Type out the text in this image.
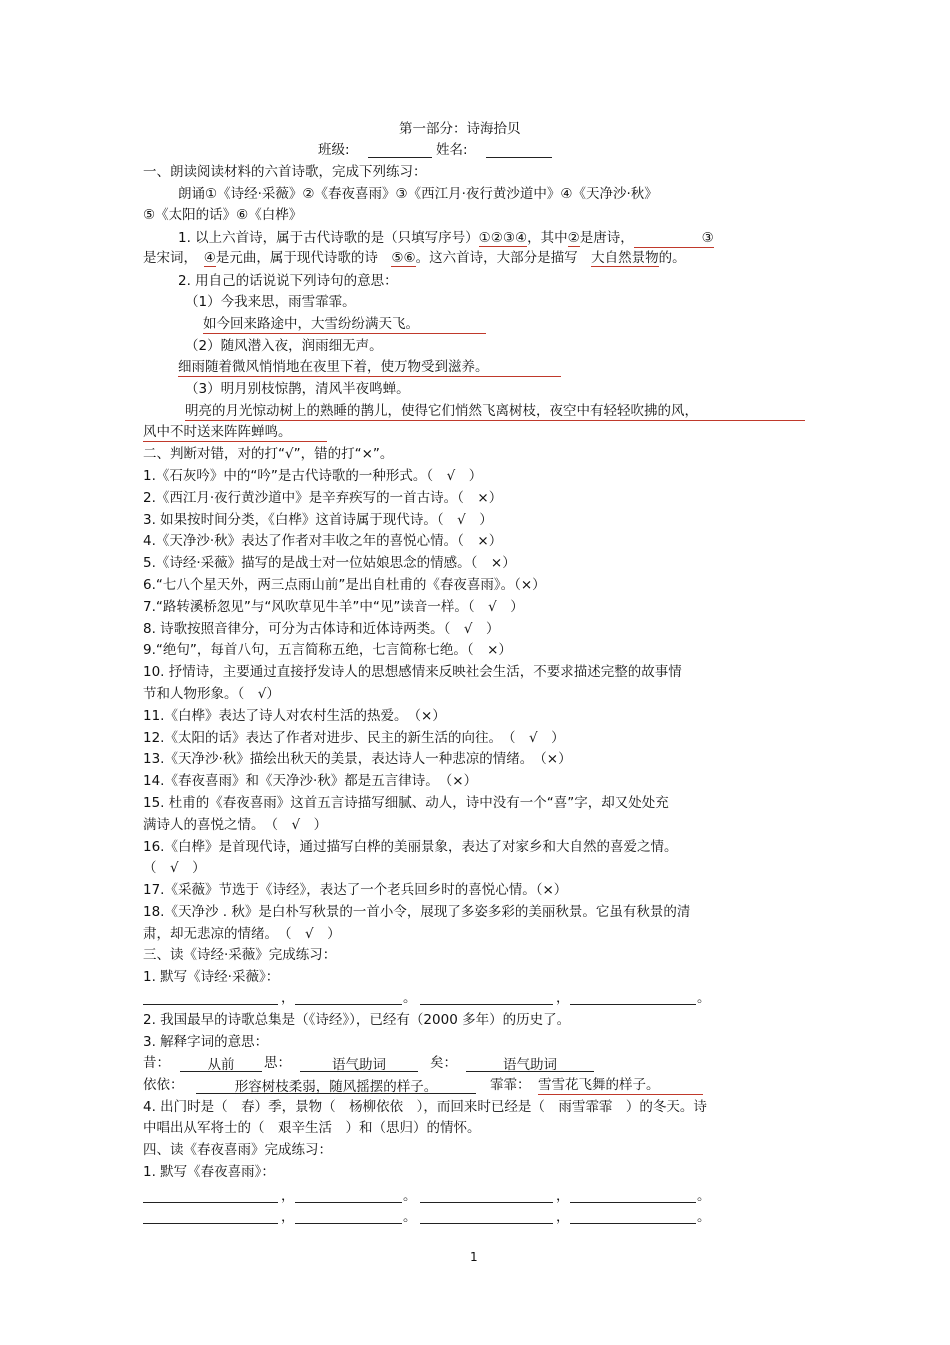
第一部分：诗海拾贝
班级:	姓名:
一、朗读阅读材料的六首诗歌，完成下列练习：
朗诵①《诗经·采薇》②《春夜喜雨》③《西江月·夜行黄沙道中》④《天净沙·秋》
⑤《太阳的话》⑥《白桦》
1. 以上六首诗，属于古代诗歌的是（只填写序号）①②③④，其中②是唐诗，	③
是宋词，　 ④是元曲，属于现代诗歌的诗　 ⑤⑥。这六首诗，大部分是描写　 大自然景物的。
2. 用自己的话说说下列诗句的意思：
（1）今我来思，雨雪霏霏。
如今回来路途中，大雪纷纷满天飞。
（2）随风潜入夜，润雨细无声。
细雨随着微风悄悄地在夜里下着，使万物受到滋养。
（3）明月别枝惊鹊，清风半夜鸣蝉。
明亮的月光惊动树上的熟睡的鹊儿，使得它们悄然飞离树枝，夜空中有轻轻吹拂的风，
风中不时送来阵阵蝉鸣。
二、判断对错，对的打“√”，错的打“×”。
1.《石灰吟》中的“吟”是古代诗歌的一种形式。（　√　）
2.《西江月·夜行黄沙道中》是辛弃疾写的一首古诗。（　×）
3. 如果按时间分类，《白桦》这首诗属于现代诗。（　√　）
4.《天净沙·秋》表达了作者对丰收之年的喜悦心情。（　×）
5.《诗经·采薇》描写的是战士对一位姑娘思念的情感。（　×）
6.“七八个星天外，两三点雨山前”是出自杜甫的《春夜喜雨》。（×）
7.“路转溪桥忽见”与“风吹草见牛羊”中“见”读音一样。（　√　）
8. 诗歌按照音律分，可分为古体诗和近体诗两类。（　√　）
9.“绝句”，每首八句，五言简称五绝，七言简称七绝。（　×）
10. 抒情诗，主要通过直接抒发诗人的思想感情来反映社会生活，不要求描述完整的故事情
节和人物形象。（　√）
11.《白桦》表达了诗人对农村生活的热爱。　（×）
12.《太阳的话》表达了作者对进步、民主的新生活的向往。　（　√　）
13.《天净沙·秋》描绘出秋天的美景，表达诗人一种悲凉的情绪。　（×）
14.《春夜喜雨》和《天净沙·秋》都是五言律诗。　（×）
15. 杜甫的《春夜喜雨》这首五言诗描写细腻、动人，诗中没有一个“喜”字，却又处处充
满诗人的喜悦之情。　（　√　）
16.《白桦》是首现代诗，通过描写白桦的美丽景象，表达了对家乡和大自然的喜爱之情。
（　√　）
17.《采薇》节选于《诗经》，表达了一个老兵回乡时的喜悦心情。（×）
18.《天净沙 . 秋》是白朴写秋景的一首小令，展现了多姿多彩的美丽秋景。它虽有秋景的清
肃，却无悲凉的情绪。　（　√　）
三、读《诗经·采薇》完成练习：
1. 默写《诗经·采薇》：
，	。	，	。
2. 我国最早的诗歌总集是（《诗经》），已经有（2000 多年）的历史了。
3. 解释字词的意思：
昔：	从前	思：	语气助词	矣：	语气助词
依依：	形容树枝柔弱，随风摇摆的样子。	霏霏： 雪雪花飞舞的样子。
4. 出门时是（　春）季，景物（　杨柳依依　），而回来时已经是（　雨雪霏霏　）的冬天。诗
中唱出从军将士的（　艰辛生活　）和（思归）的情怀。
四、读《春夜喜雨》完成练习：
1. 默写《春夜喜雨》：
，	。	，	。
，	。	，	。
1
